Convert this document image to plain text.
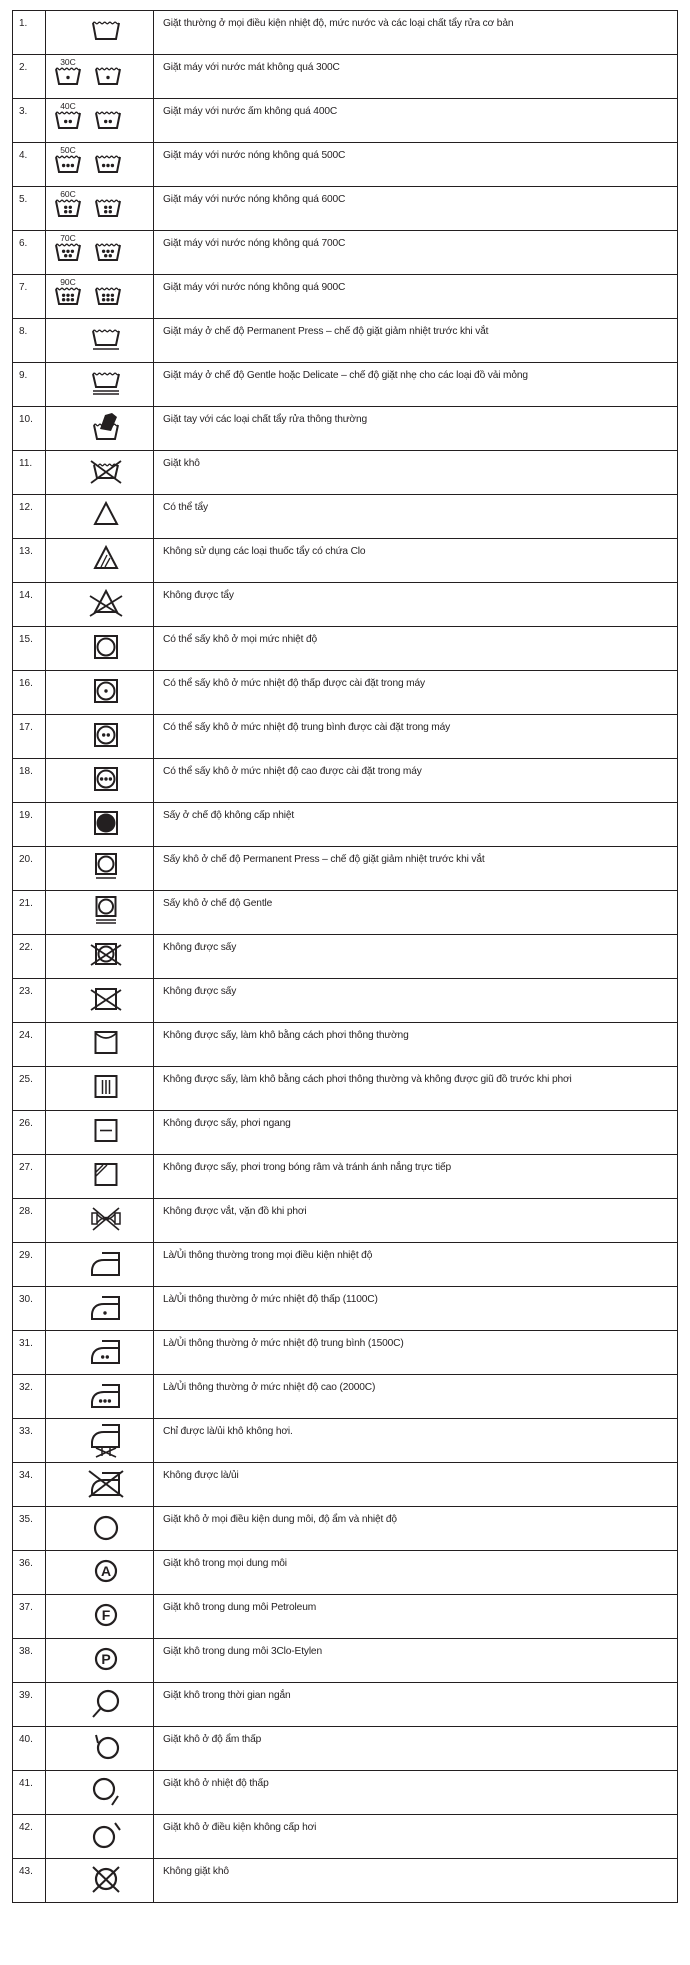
1.		Giặt thường ở mọi điều kiện nhiệt độ, mức nước và các loại chất tẩy rửa cơ bản
2.	30C	Giặt máy với nước mát không quá 300C
3.	40C	Giặt máy với nước ấm không quá 400C
4.	50C	Giặt máy với nước nóng không quá 500C
5.	60C	Giặt máy với nước nóng không quá 600C
6.	70C	Giặt máy với nước nóng không quá 700C
7.	90C	Giặt máy với nước nóng không quá 900C
8.		Giặt máy ở chế độ Permanent Press – chế độ giặt giảm nhiệt trước khi vắt
9.		Giặt máy ở chế độ Gentle hoặc Delicate – chế độ giặt nhẹ cho các loại đồ vải mỏng
10.		Giặt tay với các loại chất tẩy rửa thông thường
11.		Giặt khô
12.		Có thể tẩy
13.		Không sử dụng các loại thuốc tẩy có chứa Clo
14.		Không được tẩy
15.		Có thể sấy khô ở mọi mức nhiệt độ
16.		Có thể sấy khô ở mức nhiệt độ thấp được cài đặt trong máy
17.		Có thể sấy khô ở mức nhiệt độ trung bình được cài đặt trong máy
18.		Có thể sấy khô ở mức nhiệt độ cao được cài đặt trong máy
19.		Sấy ở chế độ không cấp nhiệt
20.		Sấy khô ở chế độ Permanent Press – chế độ giặt giảm nhiệt trước khi vắt
21.		Sấy khô ở chế độ Gentle
22.		Không được sấy
23.		Không được sấy
24.		Không được sấy, làm khô bằng cách phơi thông thường
25.		Không được sấy, làm khô bằng cách phơi thông thường và không được giũ đồ trước khi phơi
26.		Không được sấy, phơi ngang
27.		Không được sấy, phơi trong bóng râm và tránh ánh nắng trực tiếp
28.		Không được vắt, vặn đồ khi phơi
29.		Là/Ủi thông thường trong mọi điều kiện nhiệt độ
30.		Là/Ủi thông thường ở mức nhiệt độ thấp (1100C)
31.		Là/Ủi thông thường ở mức nhiệt độ trung bình (1500C)
32.		Là/Ủi thông thường ở mức nhiệt độ cao (2000C)
33.		Chỉ được là/ủi khô không hơi.
34.		Không được là/ủi
35.		Giặt khô ở mọi điều kiện dung môi, độ ẩm và nhiệt độ
36.	A	Giặt khô trong mọi dung môi
37.	F	Giặt khô trong dung môi Petroleum
38.	P	Giặt khô trong dung môi 3Clo-Etylen
39.		Giặt khô trong thời gian ngắn
40.		Giặt khô ở độ ẩm thấp
41.		Giặt khô ở nhiệt độ thấp
42.		Giặt khô ở điều kiện không cấp hơi
43.		Không giặt khô
